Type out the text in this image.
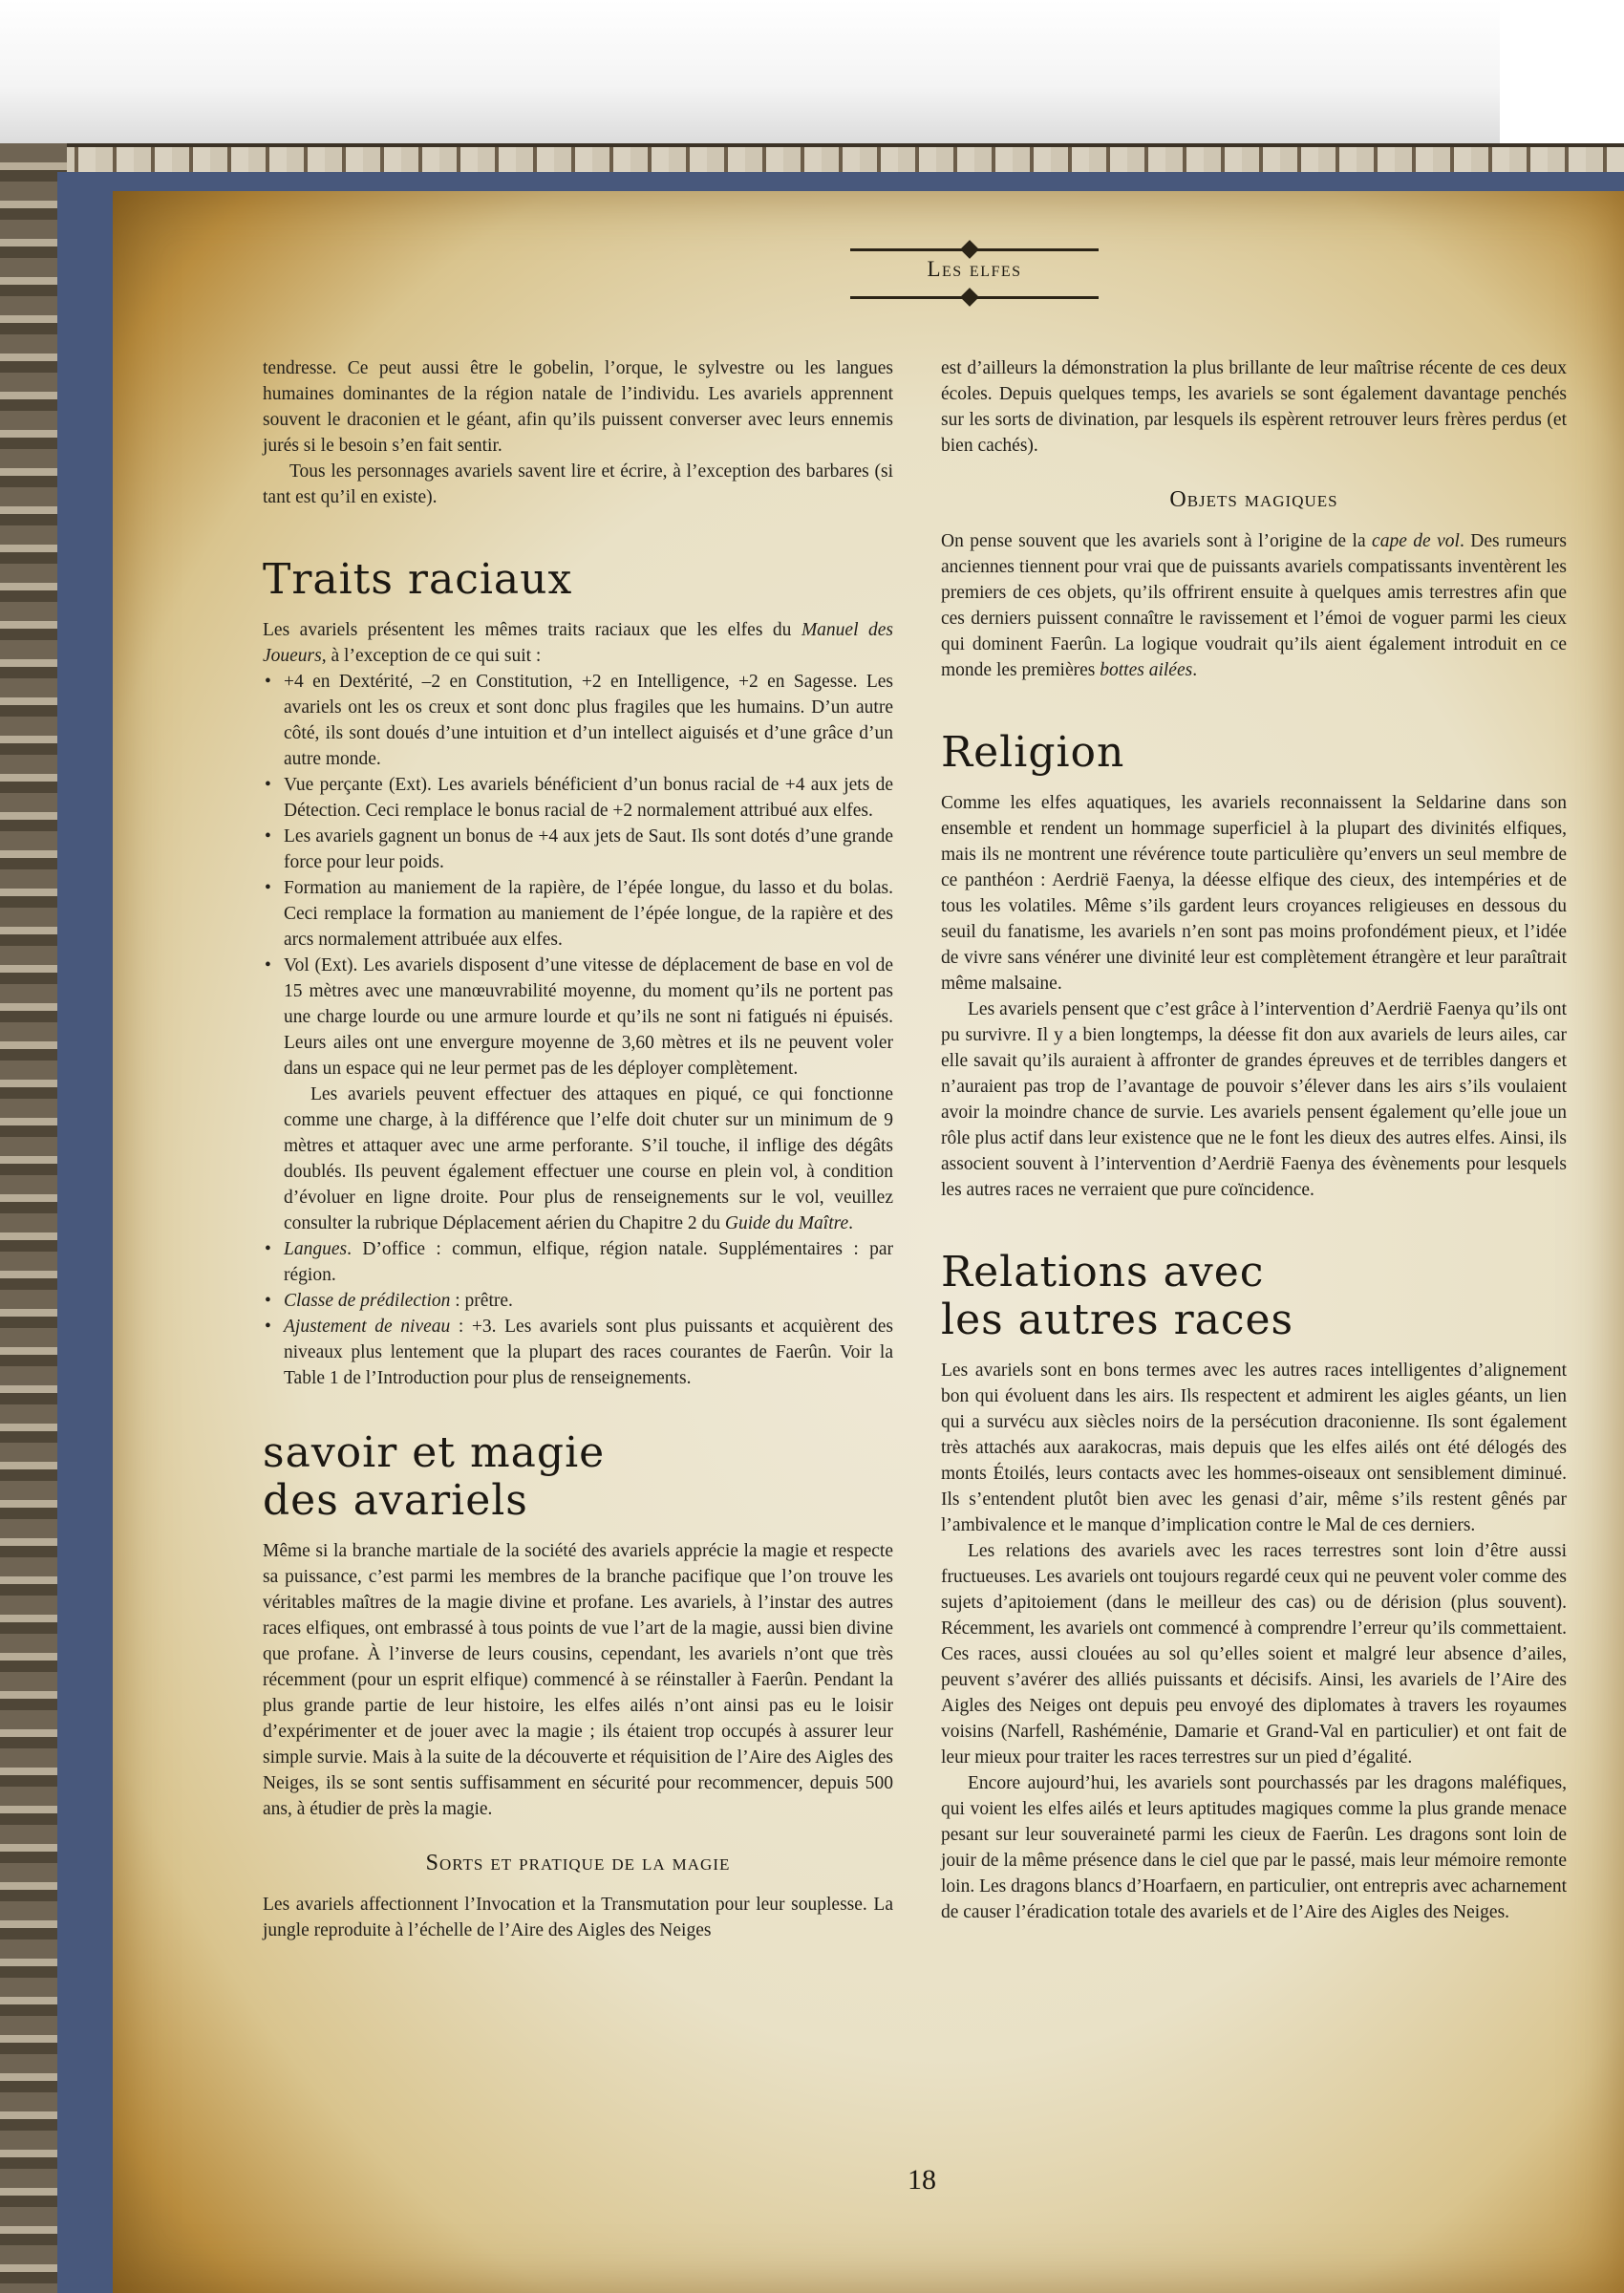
Les elfes

tendresse. Ce peut aussi être le gobelin, l’orque, le sylvestre ou les langues humaines dominantes de la région natale de l’individu. Les avariels apprennent souvent le draconien et le géant, afin qu’ils puissent converser avec leurs ennemis jurés si le besoin s’en fait sentir.

Tous les personnages avariels savent lire et écrire, à l’exception des barbares (si tant est qu’il en existe).

Traits raciaux

Les avariels présentent les mêmes traits raciaux que les elfes du Manuel des Joueurs, à l’exception de ce qui suit :

• +4 en Dextérité, –2 en Constitution, +2 en Intelligence, +2 en Sagesse. Les avariels ont les os creux et sont donc plus fragiles que les humains. D’un autre côté, ils sont doués d’une intuition et d’un intellect aiguisés et d’une grâce d’un autre monde.
• Vue perçante (Ext). Les avariels bénéficient d’un bonus racial de +4 aux jets de Détection. Ceci remplace le bonus racial de +2 normalement attribué aux elfes.
• Les avariels gagnent un bonus de +4 aux jets de Saut. Ils sont dotés d’une grande force pour leur poids.
• Formation au maniement de la rapière, de l’épée longue, du lasso et du bolas. Ceci remplace la formation au maniement de l’épée longue, de la rapière et des arcs normalement attribuée aux elfes.
• Vol (Ext). Les avariels disposent d’une vitesse de déplacement de base en vol de 15 mètres avec une manœuvrabilité moyenne, du moment qu’ils ne portent pas une charge lourde ou une armure lourde et qu’ils ne sont ni fatigués ni épuisés. Leurs ailes ont une envergure moyenne de 3,60 mètres et ils ne peuvent voler dans un espace qui ne leur permet pas de les déployer complètement.

Les avariels peuvent effectuer des attaques en piqué, ce qui fonctionne comme une charge, à la différence que l’elfe doit chuter sur un minimum de 9 mètres et attaquer avec une arme perforante. S’il touche, il inflige des dégâts doublés. Ils peuvent également effectuer une course en plein vol, à condition d’évoluer en ligne droite. Pour plus de renseignements sur le vol, veuillez consulter la rubrique Déplacement aérien du Chapitre 2 du Guide du Maître.

• Langues. D’office : commun, elfique, région natale. Supplémentaires : par région.
• Classe de prédilection : prêtre.
• Ajustement de niveau : +3. Les avariels sont plus puissants et acquièrent des niveaux plus lentement que la plupart des races courantes de Faerûn. Voir la Table 1 de l’Introduction pour plus de renseignements.
savoir et magie
des avariels

Même si la branche martiale de la société des avariels apprécie la magie et respecte sa puissance, c’est parmi les membres de la branche pacifique que l’on trouve les véritables maîtres de la magie divine et profane. Les avariels, à l’instar des autres races elfiques, ont embrassé à tous points de vue l’art de la magie, aussi bien divine que profane. À l’inverse de leurs cousins, cependant, les avariels n’ont que très récemment (pour un esprit elfique) commencé à se réinstaller à Faerûn. Pendant la plus grande partie de leur histoire, les elfes ailés n’ont ainsi pas eu le loisir d’expérimenter et de jouer avec la magie ; ils étaient trop occupés à assurer leur simple survie. Mais à la suite de la découverte et réquisition de l’Aire des Aigles des Neiges, ils se sont sentis suffisamment en sécurité pour recommencer, depuis 500 ans, à étudier de près la magie.

Sorts et pratique de la magie

Les avariels affectionnent l’Invocation et la Transmutation pour leur souplesse. La jungle reproduite à l’échelle de l’Aire des Aigles des Neiges

est d’ailleurs la démonstration la plus brillante de leur maîtrise récente de ces deux écoles. Depuis quelques temps, les avariels se sont également davantage penchés sur les sorts de divination, par lesquels ils espèrent retrouver leurs frères perdus (et bien cachés).

Objets magiques

On pense souvent que les avariels sont à l’origine de la cape de vol. Des rumeurs anciennes tiennent pour vrai que de puissants avariels compatissants inventèrent les premiers de ces objets, qu’ils offrirent ensuite à quelques amis terrestres afin que ces derniers puissent connaître le ravissement et l’émoi de voguer parmi les cieux qui dominent Faerûn. La logique voudrait qu’ils aient également introduit en ce monde les premières bottes ailées.

Religion

Comme les elfes aquatiques, les avariels reconnaissent la Seldarine dans son ensemble et rendent un hommage superficiel à la plupart des divinités elfiques, mais ils ne montrent une révérence toute particulière qu’envers un seul membre de ce panthéon : Aerdrië Faenya, la déesse elfique des cieux, des intempéries et de tous les volatiles. Même s’ils gardent leurs croyances religieuses en dessous du seuil du fanatisme, les avariels n’en sont pas moins profondément pieux, et l’idée de vivre sans vénérer une divinité leur est complètement étrangère et leur paraîtrait même malsaine.

Les avariels pensent que c’est grâce à l’intervention d’Aerdrië Faenya qu’ils ont pu survivre. Il y a bien longtemps, la déesse fit don aux avariels de leurs ailes, car elle savait qu’ils auraient à affronter de grandes épreuves et de terribles dangers et n’auraient pas trop de l’avantage de pouvoir s’élever dans les airs s’ils voulaient avoir la moindre chance de survie. Les avariels pensent également qu’elle joue un rôle plus actif dans leur existence que ne le font les dieux des autres elfes. Ainsi, ils associent souvent à l’intervention d’Aerdrië Faenya des évènements pour lesquels les autres races ne verraient que pure coïncidence.

Relations avec
les autres races

Les avariels sont en bons termes avec les autres races intelligentes d’alignement bon qui évoluent dans les airs. Ils respectent et admirent les aigles géants, un lien qui a survécu aux siècles noirs de la persécution draconienne. Ils sont également très attachés aux aarakocras, mais depuis que les elfes ailés ont été délogés des monts Étoilés, leurs contacts avec les hommes-oiseaux ont sensiblement diminué. Ils s’entendent plutôt bien avec les genasi d’air, même s’ils restent gênés par l’ambivalence et le manque d’implication contre le Mal de ces derniers.

Les relations des avariels avec les races terrestres sont loin d’être aussi fructueuses. Les avariels ont toujours regardé ceux qui ne peuvent voler comme des sujets d’apitoiement (dans le meilleur des cas) ou de dérision (plus souvent). Récemment, les avariels ont commencé à comprendre l’erreur qu’ils commettaient. Ces races, aussi clouées au sol qu’elles soient et malgré leur absence d’ailes, peuvent s’avérer des alliés puissants et décisifs. Ainsi, les avariels de l’Aire des Aigles des Neiges ont depuis peu envoyé des diplomates à travers les royaumes voisins (Narfell, Rashéménie, Damarie et Grand-Val en particulier) et ont fait de leur mieux pour traiter les races terrestres sur un pied d’égalité.

Encore aujourd’hui, les avariels sont pourchassés par les dragons maléfiques, qui voient les elfes ailés et leurs aptitudes magiques comme la plus grande menace pesant sur leur souveraineté parmi les cieux de Faerûn. Les dragons sont loin de jouir de la même présence dans le ciel que par le passé, mais leur mémoire remonte loin. Les dragons blancs d’Hoarfaern, en particulier, ont entrepris avec acharnement de causer l’éradication totale des avariels et de l’Aire des Aigles des Neiges.

18
